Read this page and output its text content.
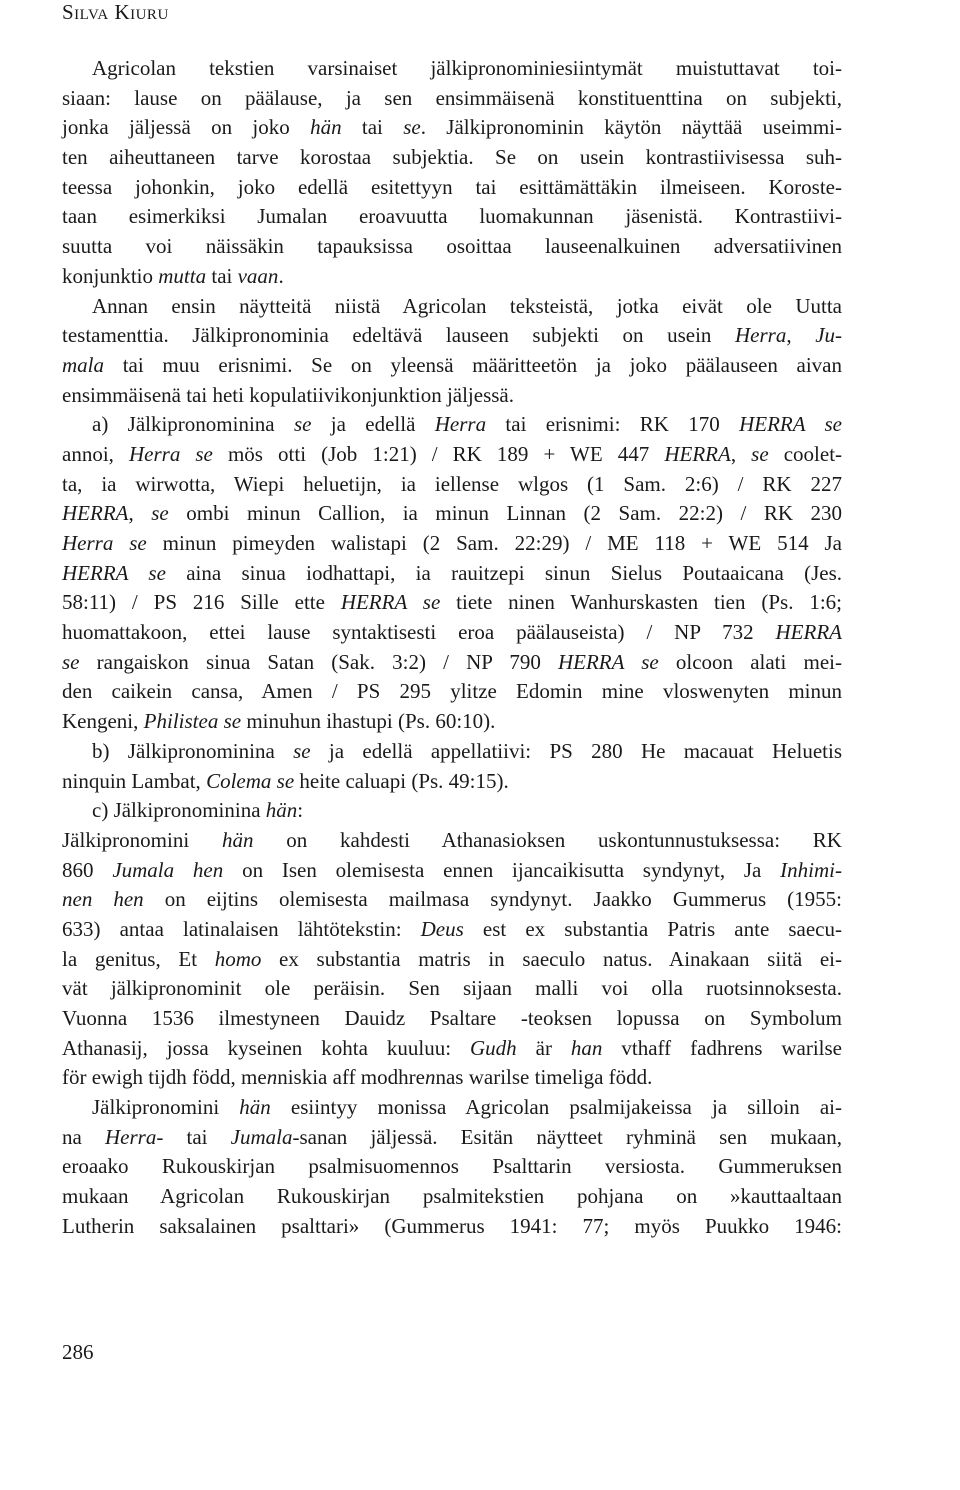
Silva Kiuru
Agricolan tekstien varsinaiset jälkipronominiesiintymät muistuttavat toi-
siaan: lause on päälause, ja sen ensimmäisenä konstituenttina on subjekti,
jonka jäljessä on joko hän tai se. Jälkipronominin käytön näyttää useimmi-
ten aiheuttaneen tarve korostaa subjektia. Se on usein kontrastiivisessa suh-
teessa johonkin, joko edellä esitettyyn tai esittämättäkin ilmeiseen. Koroste-
taan esimerkiksi Jumalan eroavuutta luomakunnan jäsenistä. Kontrastiivi-
suutta voi näissäkin tapauksissa osoittaa lauseenalkuinen adversatiivinen
konjunktio mutta tai vaan.
Annan ensin näytteitä niistä Agricolan teksteistä, jotka eivät ole Uutta
testamenttia. Jälkipronominia edeltävä lauseen subjekti on usein Herra, Ju-
mala tai muu erisnimi. Se on yleensä määritteetön ja joko päälauseen aivan
ensimmäisenä tai heti kopulatiivikonjunktion jäljessä.
a) Jälkipronominina se ja edellä Herra tai erisnimi: RK 170 HERRA se
annoi, Herra se mös otti (Job 1:21) / RK 189 + WE 447 HERRA, se coolet-
ta, ia wirwotta, Wiepi heluetijn, ia iellense wlgos (1 Sam. 2:6) / RK 227
HERRA, se ombi minun Callion, ia minun Linnan (2 Sam. 22:2) / RK 230
Herra se minun pimeyden walistapi (2 Sam. 22:29) / ME 118 + WE 514 Ja
HERRA se aina sinua iodhattapi, ia rauitzepi sinun Sielus Poutaaicana (Jes.
58:11) / PS 216 Sille ette HERRA se tiete ninen Wanhurskasten tien (Ps. 1:6;
huomattakoon, ettei lause syntaktisesti eroa päälauseista) / NP 732 HERRA
se rangaiskon sinua Satan (Sak. 3:2) / NP 790 HERRA se olcoon alati mei-
den caikein cansa, Amen / PS 295 ylitze Edomin mine vloswenyten minun
Kengeni, Philistea se minuhun ihastupi (Ps. 60:10).
b) Jälkipronominina se ja edellä appellatiivi: PS 280 He macauat Heluetis
ninquin Lambat, Colema se heite caluapi (Ps. 49:15).
c) Jälkipronominina hän:
Jälkipronomini hän on kahdesti Athanasioksen uskontunnustuksessa: RK
860 Jumala hen on Isen olemisesta ennen ijancaikisutta syndynyt, Ja Inhimi-
nen hen on eijtins olemisesta mailmasa syndynyt. Jaakko Gummerus (1955:
633) antaa latinalaisen lähtötekstin: Deus est ex substantia Patris ante saecu-
la genitus, Et homo ex substantia matris in saeculo natus. Ainakaan siitä ei-
vät jälkipronominit ole peräisin. Sen sijaan malli voi olla ruotsinnoksesta.
Vuonna 1536 ilmestyneen Dauidz Psaltare -teoksen lopussa on Symbolum
Athanasij, jossa kyseinen kohta kuuluu: Gudh är han vthaff fadhrens warilse
för ewigh tijdh född, menniskia aff modhrennas warilse timeliga född.
Jälkipronomini hän esiintyy monissa Agricolan psalmijakeissa ja silloin ai-
na Herra- tai Jumala-sanan jäljessä. Esitän näytteet ryhminä sen mukaan,
eroaako Rukouskirjan psalmisuomennos Psalttarin versiosta. Gummeruksen
mukaan Agricolan Rukouskirjan psalmitekstien pohjana on »kauttaaltaan
Lutherin saksalainen psalttari» (Gummerus 1941: 77; myös Puukko 1946:
286
